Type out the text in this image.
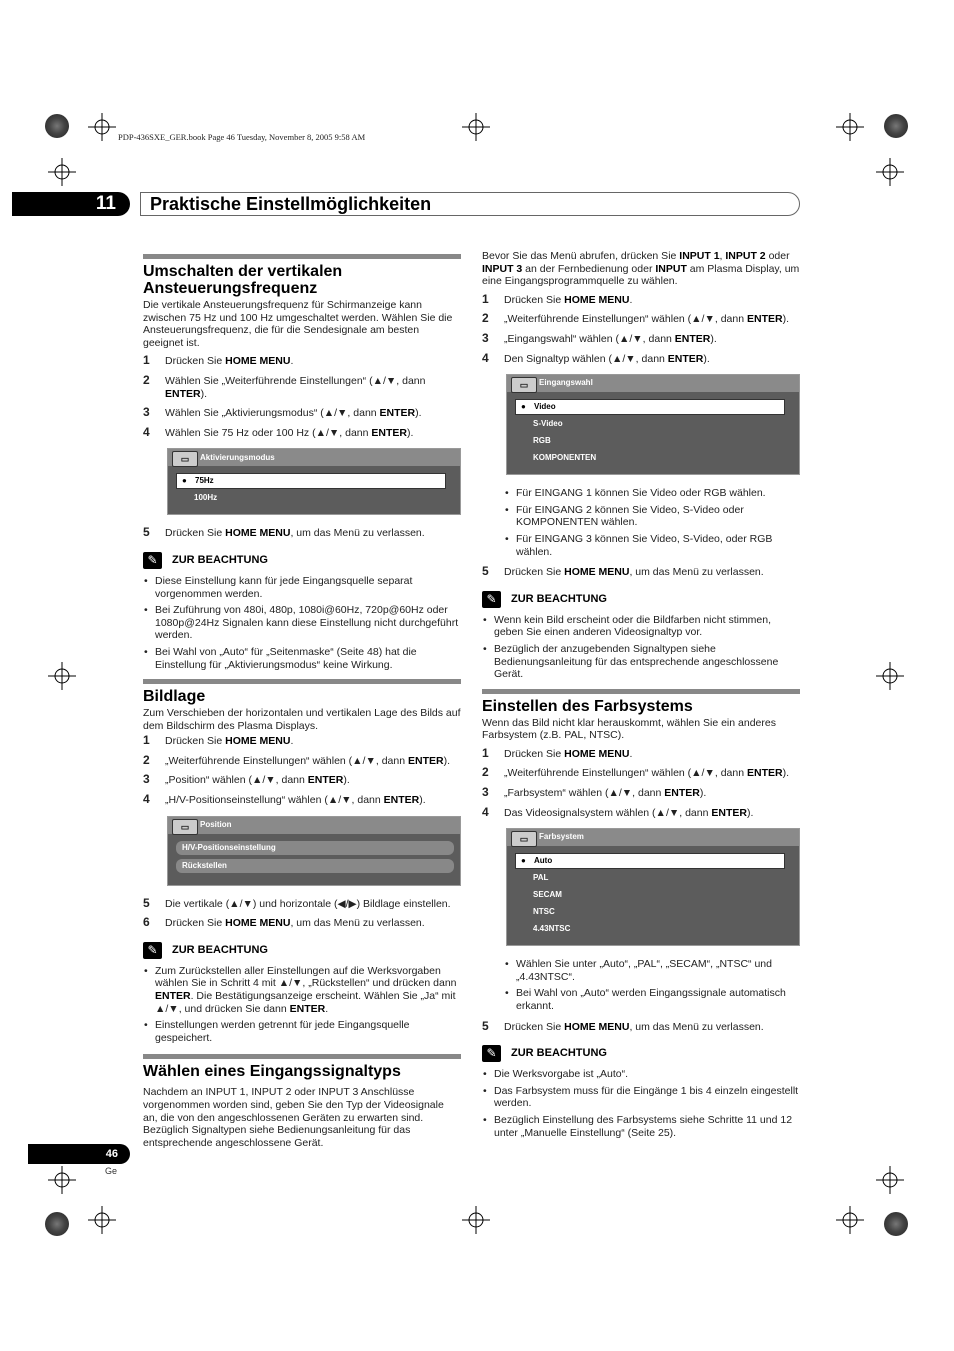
PDP-436SXE_GER.book Page 46 Tuesday, November 8, 2005 9:58 AM
11	Praktische Einstellmöglichkeiten
Umschalten der vertikalen Ansteuerungsfrequenz

Die vertikale Ansteuerungsfrequenz für Schirmanzeige kann zwischen 75 Hz und 100 Hz umgeschaltet werden. Wählen Sie die Ansteuerungsfrequenz, die für die Sendesignale am besten geeignet ist.

1 Drücken Sie HOME MENU.
2 Wählen Sie „Weiterführende Einstellungen“ (▲/▼, dann ENTER).
3 Wählen Sie „Aktivierungsmodus“ (▲/▼, dann ENTER).
4 Wählen Sie 75 Hz oder 100 Hz (▲/▼, dann ENTER).
▭	Aktivierungsmodus
● 75Hz
100Hz
5 Drücken Sie HOME MENU, um das Menü zu verlassen.
✎	ZUR BEACHTUNG
• Diese Einstellung kann für jede Eingangsquelle separat vorgenommen werden.
• Bei Zuführung von 480i, 480p, 1080i@60Hz, 720p@60Hz oder 1080p@24Hz Signalen kann diese Einstellung nicht durchgeführt werden.
• Bei Wahl von „Auto“ für „Seitenmaske“ (Seite 48) hat die Einstellung für „Aktivierungsmodus“ keine Wirkung.
Bildlage

Zum Verschieben der horizontalen und vertikalen Lage des Bilds auf dem Bildschirm des Plasma Displays.

1 Drücken Sie HOME MENU.
2 „Weiterführende Einstellungen“ wählen (▲/▼, dann ENTER).
3 „Position“ wählen (▲/▼, dann ENTER).
4 „H/V-Positionseinstellung“ wählen (▲/▼, dann ENTER).
▭	Position
H/V-Positionseinstellung
Rückstellen
5 Die vertikale (▲/▼) und horizontale (◀/▶) Bildlage einstellen.
6 Drücken Sie HOME MENU, um das Menü zu verlassen.
✎	ZUR BEACHTUNG
• Zum Zurückstellen aller Einstellungen auf die Werksvorgaben wählen Sie in Schritt 4 mit ▲/▼, „Rückstellen“ und drücken dann ENTER. Die Bestätigungsanzeige erscheint. Wählen Sie „Ja“ mit ▲/▼, und drücken Sie dann ENTER.
• Einstellungen werden getrennt für jede Eingangsquelle gespeichert.
Wählen eines Eingangssignaltyps

Nachdem an INPUT 1, INPUT 2 oder INPUT 3 Anschlüsse vorgenommen worden sind, geben Sie den Typ der Videosignale an, die von den angeschlossenen Geräten zu erwarten sind. Bezüglich Signaltypen siehe Bedienungsanleitung für das entsprechende angeschlossene Gerät.

Bevor Sie das Menü abrufen, drücken Sie INPUT 1, INPUT 2 oder INPUT 3 an der Fernbedienung oder INPUT am Plasma Display, um eine Eingangsprogrammquelle zu wählen.

1 Drücken Sie HOME MENU.
2 „Weiterführende Einstellungen“ wählen (▲/▼, dann ENTER).
3 „Eingangswahl“ wählen (▲/▼, dann ENTER).
4 Den Signaltyp wählen (▲/▼, dann ENTER).
▭	Eingangswahl
● Video
S-Video
RGB
KOMPONENTEN
• Für EINGANG 1 können Sie Video oder RGB wählen.
• Für EINGANG 2 können Sie Video, S-Video oder KOMPONENTEN wählen.
• Für EINGANG 3 können Sie Video, S-Video, oder RGB wählen.
5 Drücken Sie HOME MENU, um das Menü zu verlassen.
✎	ZUR BEACHTUNG
• Wenn kein Bild erscheint oder die Bildfarben nicht stimmen, geben Sie einen anderen Videosignaltyp vor.
• Bezüglich der anzugebenden Signaltypen siehe Bedienungsanleitung für das entsprechende angeschlossene Gerät.
Einstellen des Farbsystems

Wenn das Bild nicht klar herauskommt, wählen Sie ein anderes Farbsystem (z.B. PAL, NTSC).

1 Drücken Sie HOME MENU.
2 „Weiterführende Einstellungen“ wählen (▲/▼, dann ENTER).
3 „Farbsystem“ wählen (▲/▼, dann ENTER).
4 Das Videosignalsystem wählen (▲/▼, dann ENTER).
▭	Farbsystem
● Auto
PAL
SECAM
NTSC
4.43NTSC
• Wählen Sie unter „Auto“, „PAL“, „SECAM“, „NTSC“ und „4.43NTSC“.
• Bei Wahl von „Auto“ werden Eingangssignale automatisch erkannt.
5 Drücken Sie HOME MENU, um das Menü zu verlassen.
✎	ZUR BEACHTUNG
• Die Werksvorgabe ist „Auto“.
• Das Farbsystem muss für die Eingänge 1 bis 4 einzeln eingestellt werden.
• Bezüglich Einstellung des Farbsystems siehe Schritte 11 und 12 unter „Manuelle Einstellung“ (Seite 25).
46
Ge
